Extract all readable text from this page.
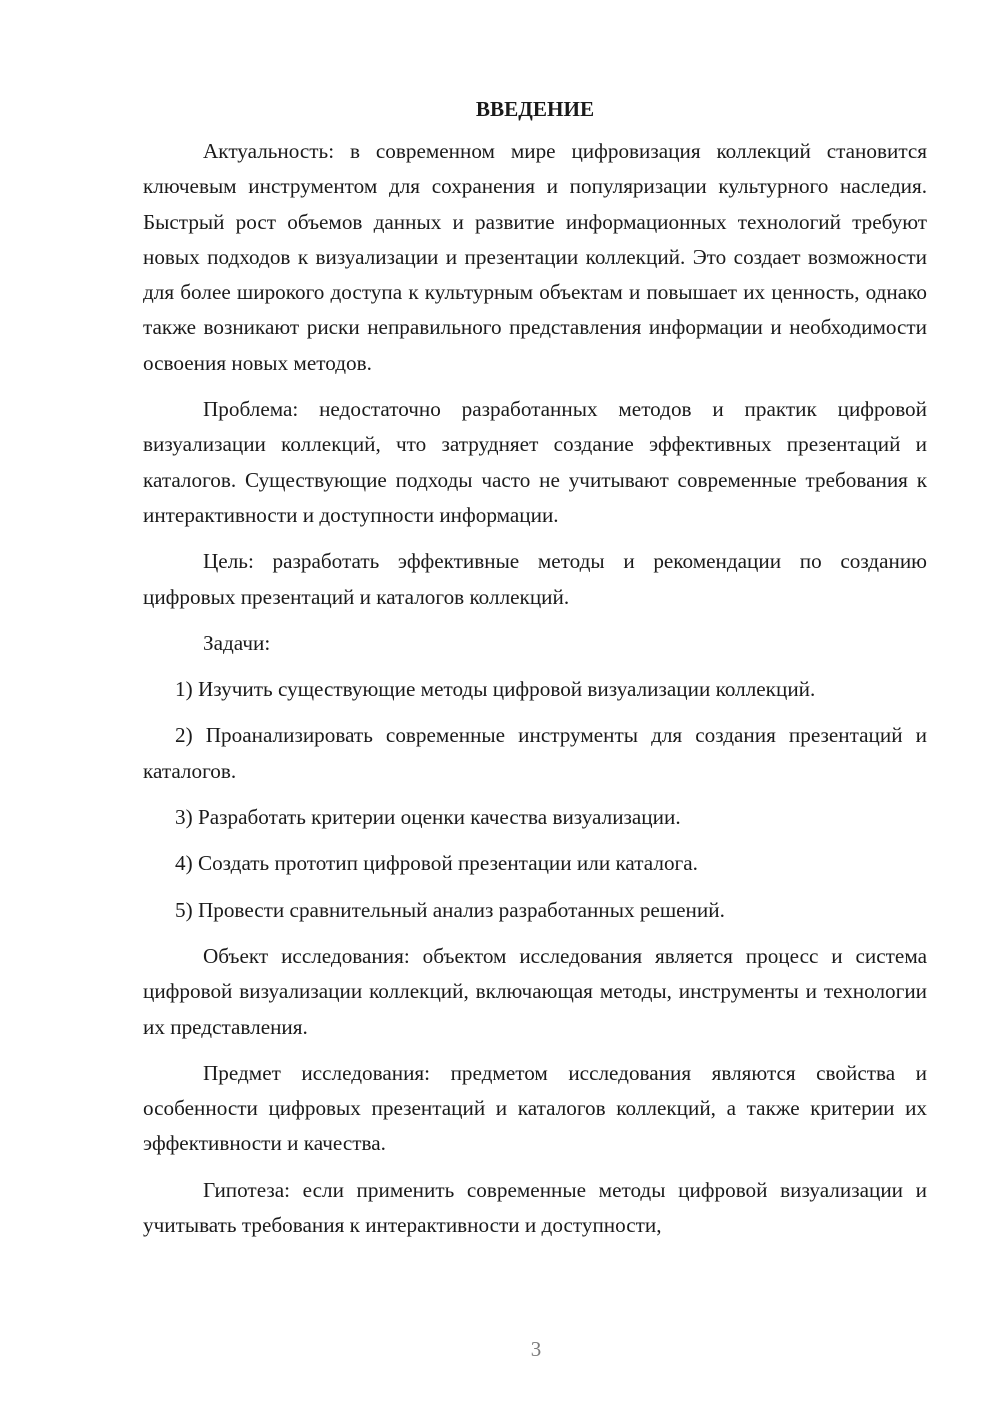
ВВЕДЕНИЕ

Актуальность: в современном мире цифровизация коллекций становится ключевым инструментом для сохранения и популяризации культурного наследия. Быстрый рост объемов данных и развитие информационных технологий требуют новых подходов к визуализации и презентации коллекций. Это создает возможности для более широкого доступа к культурным объектам и повышает их ценность, однако также возникают риски неправильного представления информации и необходимости освоения новых методов.

Проблема: недостаточно разработанных методов и практик цифровой визуализации коллекций, что затрудняет создание эффективных презентаций и каталогов. Существующие подходы часто не учитывают современные требования к интерактивности и доступности информации.

Цель: разработать эффективные методы и рекомендации по созданию цифровых презентаций и каталогов коллекций.

Задачи:

1) Изучить существующие методы цифровой визуализации коллекций.

2) Проанализировать современные инструменты для создания презентаций и каталогов.

3) Разработать критерии оценки качества визуализации.

4) Создать прототип цифровой презентации или каталога.

5) Провести сравнительный анализ разработанных решений.

Объект исследования: объектом исследования является процесс и система цифровой визуализации коллекций, включающая методы, инструменты и технологии их представления.

Предмет исследования: предметом исследования являются свойства и особенности цифровых презентаций и каталогов коллекций, а также критерии их эффективности и качества.

Гипотеза: если применить современные методы цифровой визуализации и учитывать требования к интерактивности и доступности,

3
